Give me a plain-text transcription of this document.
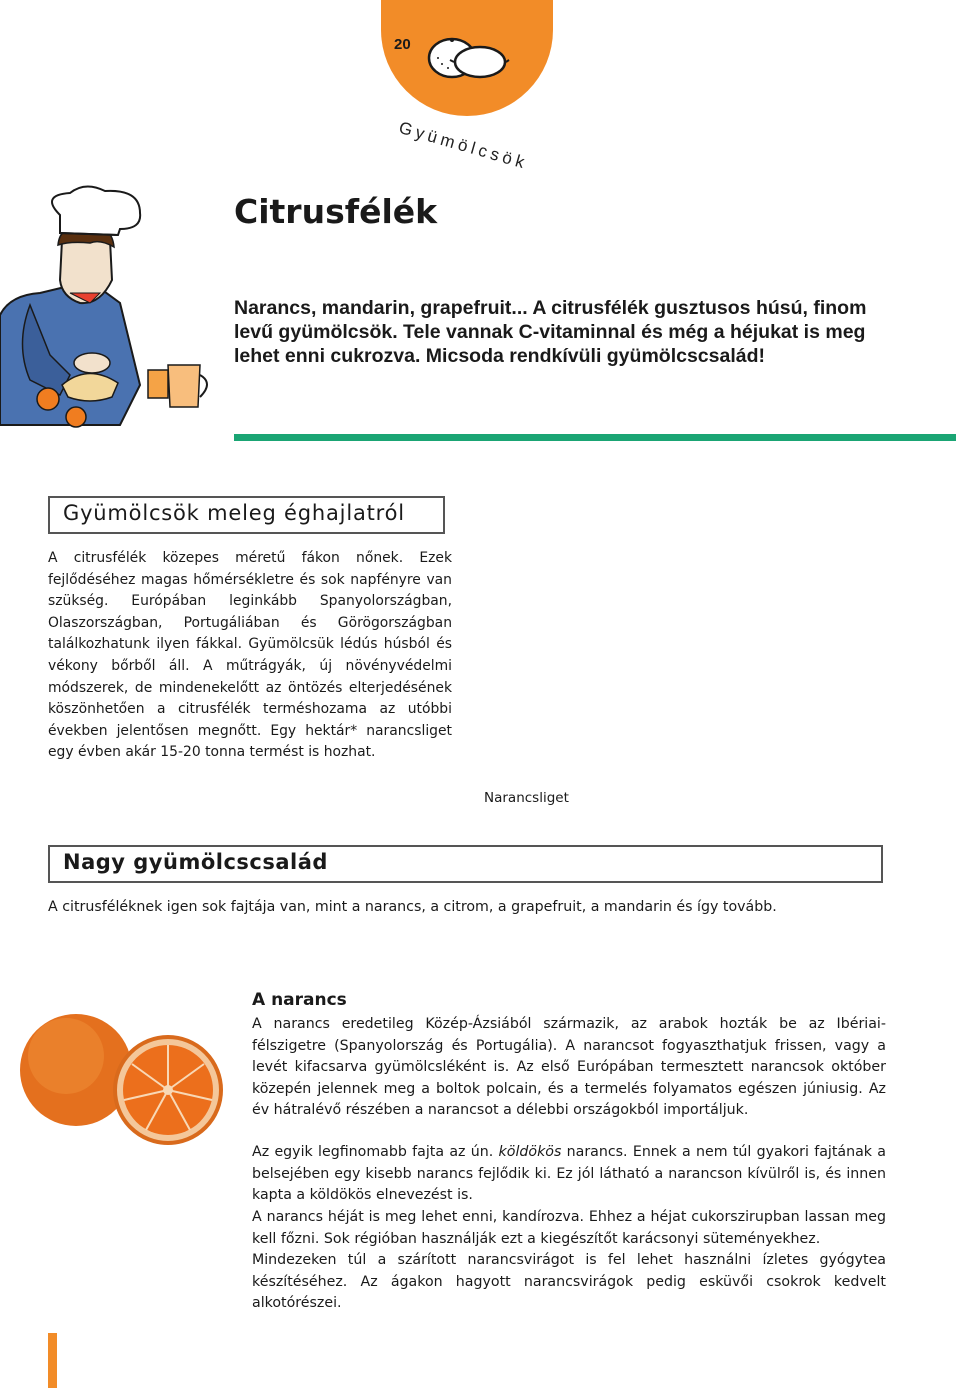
20
Gyümölcsök
Citrusfélék

Narancs, mandarin, grapefruit... A citrusfélék gusztusos húsú, finom levű gyümölcsök. Tele vannak C-vitaminnal és még a héjukat is meg lehet enni cukrozva. Micsoda rendkívüli gyümölcscsalád!

Gyümölcsök meleg éghajlatról

A citrusfélék közepes méretű fákon nőnek. Ezek fejlődéséhez magas hőmérsékletre és sok napfényre van szükség. Európában leginkább Spanyolországban, Olaszországban, Portugáliában és Görögországban találkozhatunk ilyen fákkal. Gyümölcsük lédús húsból és vékony bőrből áll. A műtrágyák, új növényvédelmi módszerek, de mindenekelőtt az öntözés elterjedésének köszönhetően a citrusfélék terméshozama az utóbbi években jelentősen megnőtt. Egy hektár* narancsliget egy évben akár 15-20 tonna termést is hozhat.

Narancsliget
Nagy gyümölcscsalád

A citrusféléknek igen sok fajtája van, mint a narancs, a citrom, a grapefruit, a mandarin és így tovább.

A narancs

A narancs eredetileg Közép-Ázsiából származik, az arabok hozták be az Ibériai-félszigetre (Spanyolország és Portugália). A narancsot fogyaszthatjuk frissen, vagy a levét kifacsarva gyümölcsléként is. Az első Európában termesztett narancsok október közepén jelennek meg a boltok polcain, és a termelés folyamatos egészen júniusig. Az év hátralévő részében a narancsot a délebbi országokból importáljuk.

Az egyik legfinomabb fajta az ún. köldökös narancs. Ennek a nem túl gyakori fajtának a belsejében egy kisebb narancs fejlődik ki. Ez jól látható a narancson kívülről is, és innen kapta a köldökös elnevezést is.

A narancs héját is meg lehet enni, kandírozva. Ehhez a héjat cukorszirupban lassan meg kell főzni. Sok régióban használják ezt a kiegészítőt karácsonyi süteményekhez.

Mindezeken túl a szárított narancsvirágot is fel lehet használni ízletes gyógytea készítéséhez. Az ágakon hagyott narancsvirágok pedig esküvői csokrok kedvelt alkotórészei.
